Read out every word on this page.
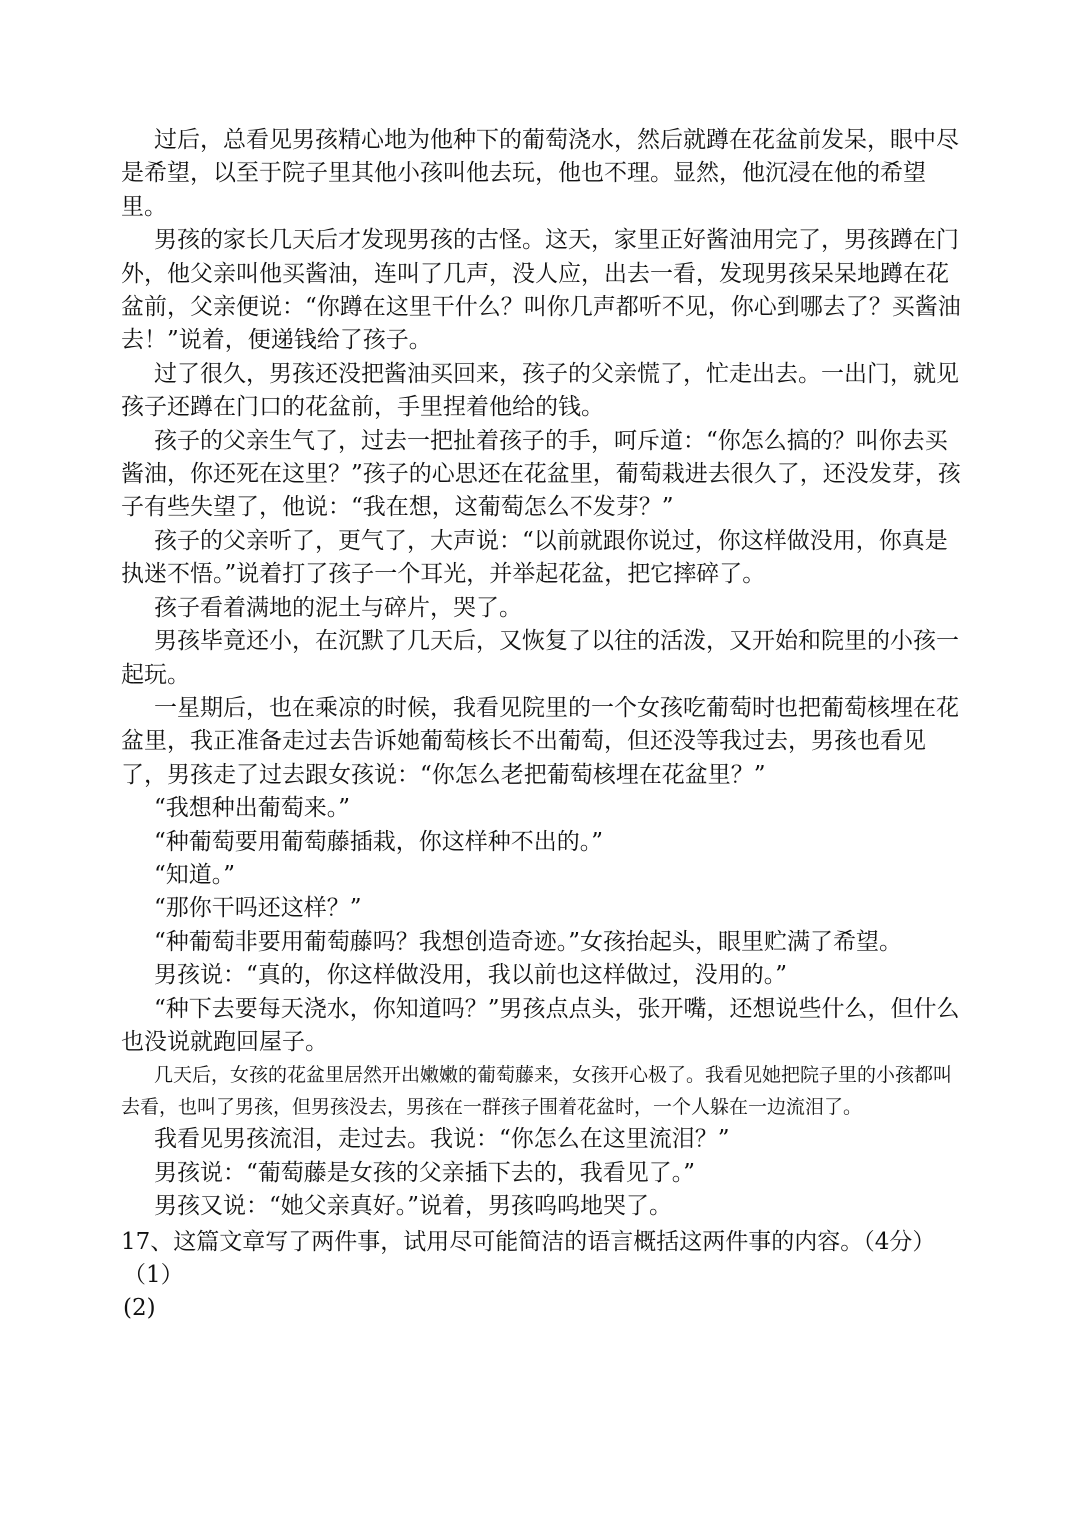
过后，总看见男孩精心地为他种下的葡萄浇水，然后就蹲在花盆前发呆，眼中尽是希望，以至于院子里其他小孩叫他去玩，他也不理。显然，他沉浸在他的希望里。

男孩的家长几天后才发现男孩的古怪。这天，家里正好酱油用完了，男孩蹲在门外，他父亲叫他买酱油，连叫了几声，没人应，出去一看，发现男孩呆呆地蹲在花盆前，父亲便说：“你蹲在这里干什么？叫你几声都听不见，你心到哪去了？买酱油去！”说着，便递钱给了孩子。

过了很久，男孩还没把酱油买回来，孩子的父亲慌了，忙走出去。一出门，就见孩子还蹲在门口的花盆前，手里捏着他给的钱。

孩子的父亲生气了，过去一把扯着孩子的手，呵斥道：“你怎么搞的？叫你去买酱油，你还死在这里？”孩子的心思还在花盆里，葡萄栽进去很久了，还没发芽，孩子有些失望了，他说：“我在想，这葡萄怎么不发芽？”

孩子的父亲听了，更气了，大声说：“以前就跟你说过，你这样做没用，你真是执迷不悟。”说着打了孩子一个耳光，并举起花盆，把它摔碎了。

孩子看着满地的泥土与碎片，哭了。

男孩毕竟还小，在沉默了几天后，又恢复了以往的活泼，又开始和院里的小孩一起玩。

一星期后，也在乘凉的时候，我看见院里的一个女孩吃葡萄时也把葡萄核埋在花盆里，我正准备走过去告诉她葡萄核长不出葡萄，但还没等我过去，男孩也看见了，男孩走了过去跟女孩说：“你怎么老把葡萄核埋在花盆里？”

“我想种出葡萄来。”

“种葡萄要用葡萄藤插栽，你这样种不出的。”

“知道。”

“那你干吗还这样？”

“种葡萄非要用葡萄藤吗？我想创造奇迹。”女孩抬起头，眼里贮满了希望。

男孩说：“真的，你这样做没用，我以前也这样做过，没用的。”

“种下去要每天浇水，你知道吗？”男孩点点头，张开嘴，还想说些什么，但什么也没说就跑回屋子。

几天后，女孩的花盆里居然开出嫩嫩的葡萄藤来，女孩开心极了。我看见她把院子里的小孩都叫去看，也叫了男孩，但男孩没去，男孩在一群孩子围着花盆时，一个人躲在一边流泪了。

我看见男孩流泪，走过去。我说：“你怎么在这里流泪？”

男孩说：“葡萄藤是女孩的父亲插下去的，我看见了。”

男孩又说：“她父亲真好。”说着，男孩呜呜地哭了。

17、这篇文章写了两件事，试用尽可能简洁的语言概括这两件事的内容。（4分）

（1）

(2)
